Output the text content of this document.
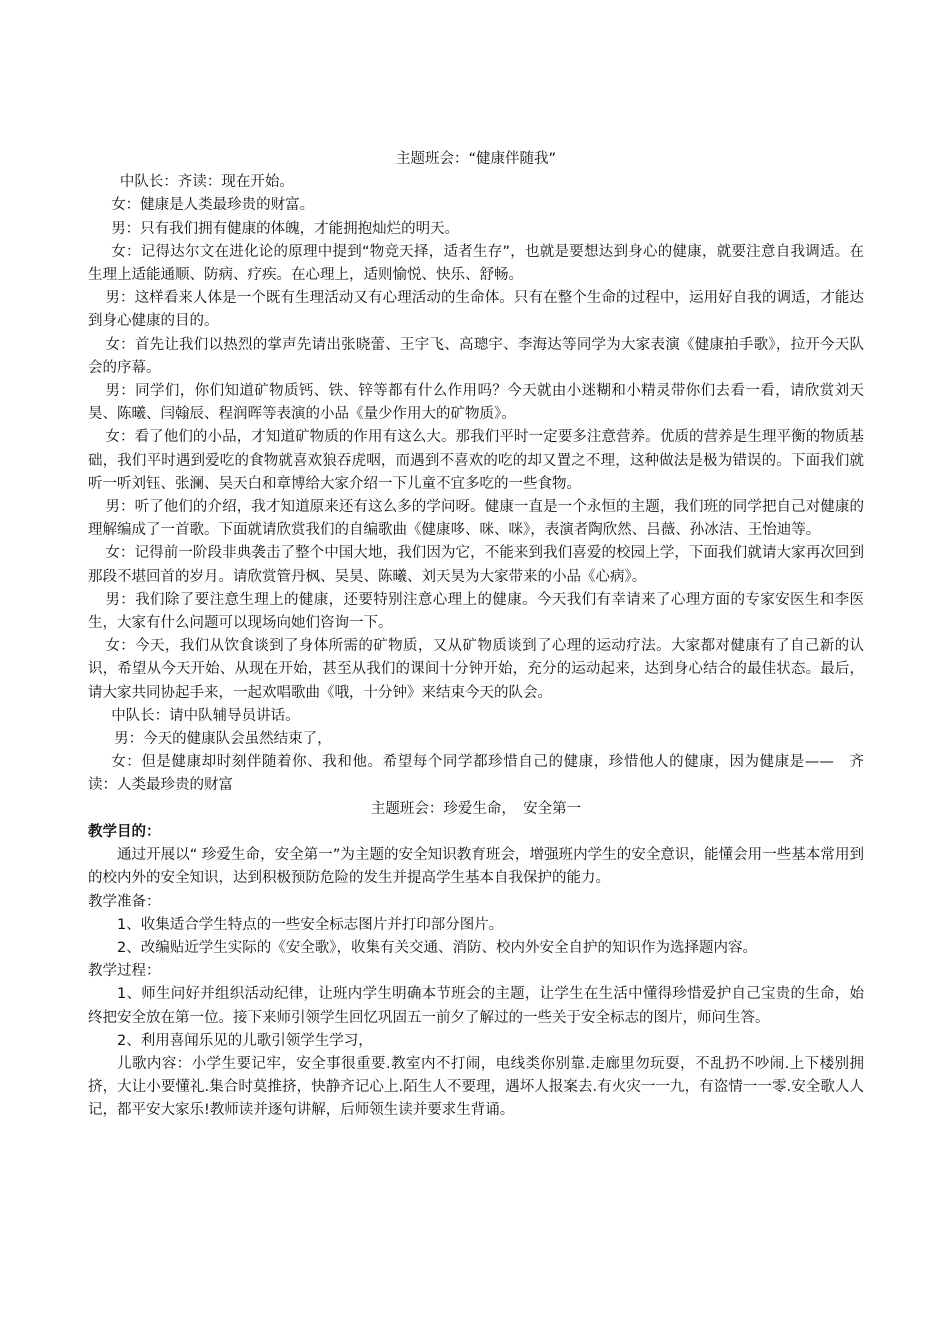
主题班会：“健康伴随我”

中队长：齐读：现在开始。

女：健康是人类最珍贵的财富。

男：只有我们拥有健康的体魄，才能拥抱灿烂的明天。

女：记得达尔文在进化论的原理中提到“物竞天择，适者生存”，也就是要想达到身心的健康，就要注意自我调适。在生理上适能通顺、防病、疗疾。在心理上，适则愉悦、快乐、舒畅。

男：这样看来人体是一个既有生理活动又有心理活动的生命体。只有在整个生命的过程中，运用好自我的调适，才能达到身心健康的目的。

女：首先让我们以热烈的掌声先请出张晓蕾、王宇飞、高璁宇、李海达等同学为大家表演《健康拍手歌》，拉开今天队会的序幕。

男：同学们，你们知道矿物质钙、铁、锌等都有什么作用吗？今天就由小迷糊和小精灵带你们去看一看，请欣赏刘天昊、陈曦、闫翰辰、程润晖等表演的小品《量少作用大的矿物质》。

女：看了他们的小品，才知道矿物质的作用有这么大。那我们平时一定要多注意营养。优质的营养是生理平衡的物质基础，我们平时遇到爱吃的食物就喜欢狼吞虎咽，而遇到不喜欢的吃的却又置之不理，这种做法是极为错误的。下面我们就听一听刘钰、张澜、吴天白和章博给大家介绍一下儿童不宜多吃的一些食物。

男：听了他们的介绍，我才知道原来还有这么多的学问呀。健康一直是一个永恒的主题，我们班的同学把自己对健康的理解编成了一首歌。下面就请欣赏我们的自编歌曲《健康哆、咪、咪》，表演者陶欣然、吕薇、孙冰洁、王怡迪等。

女：记得前一阶段非典袭击了整个中国大地，我们因为它，不能来到我们喜爱的校园上学，下面我们就请大家再次回到那段不堪回首的岁月。请欣赏管丹枫、吴昊、陈曦、刘天昊为大家带来的小品《心病》。

男：我们除了要注意生理上的健康，还要特别注意心理上的健康。今天我们有幸请来了心理方面的专家安医生和李医生，大家有什么问题可以现场向她们咨询一下。

女：今天，我们从饮食谈到了身体所需的矿物质，又从矿物质谈到了心理的运动疗法。大家都对健康有了自己新的认识，希望从今天开始、从现在开始，甚至从我们的课间十分钟开始，充分的运动起来，达到身心结合的最佳状态。最后，请大家共同协起手来，一起欢唱歌曲《哦，十分钟》来结束今天的队会。

中队长：请中队辅导员讲话。

男：今天的健康队会虽然结束了，

女：但是健康却时刻伴随着你、我和他。希望每个同学都珍惜自己的健康，珍惜他人的健康，因为健康是——　齐读：人类最珍贵的财富

主题班会：珍爱生命，　安全第一

教学目的：

通过开展以“ 珍爱生命，安全第一”为主题的安全知识教育班会，增强班内学生的安全意识，能懂会用一些基本常用到的校内外的安全知识，达到积极预防危险的发生并提高学生基本自我保护的能力。

教学准备：

1、收集适合学生特点的一些安全标志图片并打印部分图片。

2、改编贴近学生实际的《安全歌》，收集有关交通、消防、校内外安全自护的知识作为选择题内容。

教学过程：

1、师生问好并组织活动纪律，让班内学生明确本节班会的主题，让学生在生活中懂得珍惜爱护自己宝贵的生命，始终把安全放在第一位。接下来师引领学生回忆巩固五一前夕了解过的一些关于安全标志的图片，师问生答。

2、利用喜闻乐见的儿歌引领学生学习，

儿歌内容：小学生要记牢，安全事很重要.教室内不打闹，电线类你别靠.走廊里勿玩耍，不乱扔不吵闹.上下楼别拥挤，大让小要懂礼.集合时莫推挤，快静齐记心上.陌生人不要理，遇坏人报案去.有火灾一一九，有盗情一一零.安全歌人人记，都平安大家乐!教师读并逐句讲解，后师领生读并要求生背诵。
